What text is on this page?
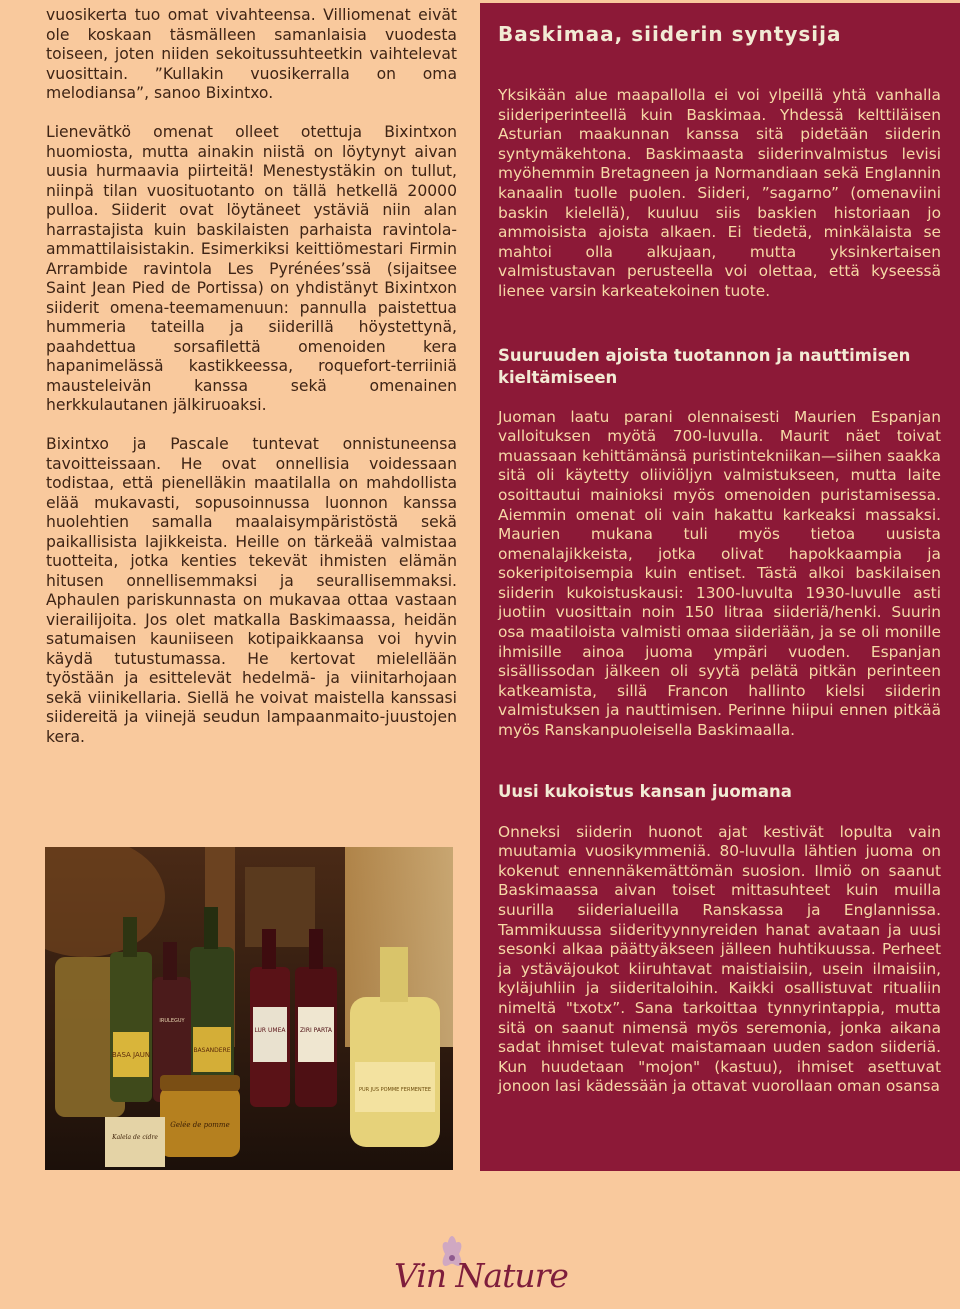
vuosikerta tuo omat vivahteensa. Villiomenat eivät ole koskaan täsmälleen samanlaisia vuodesta toiseen, joten niiden sekoitussuhteetkin vaihtelevat vuosittain. ”Kullakin vuosikerralla on oma melodiansa”, sanoo Bixintxo.

Lienevätkö omenat olleet otettuja Bixintxon huomiosta, mutta ainakin niistä on löytynyt aivan uusia hurmaavia piirteitä! Menestystäkin on tullut, niinpä tilan vuosituotanto on tällä hetkellä 20000 pulloa. Siiderit ovat löytäneet ystäviä niin alan harrastajista kuin baskilaisten parhaista ravintola-ammattilaisistakin. Esimerkiksi keittiömestari Firmin Arrambide ravintola Les Pyrénées’ssä (sijaitsee Saint Jean Pied de Portissa) on yhdistänyt Bixintxon siiderit omena-teemamenuun: pannulla paistettua hummeria tateilla ja siiderillä höystettynä, paahdettua sorsafilettä omenoiden kera hapanimelässä kastikkeessa, roquefort-terriiniä mausteleivän kanssa sekä omenainen herkkulautanen jälkiruoaksi.

Bixintxo ja Pascale tuntevat onnistuneensa tavoitteissaan. He ovat onnellisia voidessaan todistaa, että pienelläkin maatilalla on mahdollista elää mukavasti, sopusoinnussa luonnon kanssa huolehtien samalla maalaisympäristöstä sekä paikallisista lajikkeista. Heille on tärkeää valmistaa tuotteita, jotka kenties tekevät ihmisten elämän hitusen onnellisemmaksi ja seurallisemmaksi. Aphaulen pariskunnasta on mukavaa ottaa vastaan vierailijoita. Jos olet matkalla Baskimaassa, heidän satumaisen kauniiseen kotipaikkaansa voi hyvin käydä tutustumassa. He kertovat mielellään työstään ja esittelevät hedelmä- ja viinitarhojaan sekä viinikellaria. Siellä he voivat maistella kanssasi siidereitä ja viinejä seudun lampaanmaito-juustojen kera.

BASA JAUN
BASANDERE
IRULEGUY
LUR UMEA ZIRI PARTA
PUR JUS POMME FERMENTEE
Gelée de pomme
Kalela de cidre
Baskimaa, siiderin syntysija

Yksikään alue maapallolla ei voi ylpeillä yhtä vanhalla siideriperinteellä kuin Baskimaa. Yhdessä kelttiläisen Asturian maakunnan kanssa sitä pidetään siiderin syntymäkehtona. Baskimaasta siiderinvalmistus levisi myöhemmin Bretagneen ja Normandiaan sekä Englannin kanaalin tuolle puolen. Siideri, ”sagarno” (omenaviini baskin kielellä), kuuluu siis baskien historiaan jo ammoisista ajoista alkaen. Ei tiedetä, minkälaista se mahtoi olla alkujaan, mutta yksinkertaisen valmistustavan perusteella voi olettaa, että kyseessä lienee varsin karkeatekoinen tuote.

Suuruuden ajoista tuotannon ja nauttimisen kieltämiseen

Juoman laatu parani olennaisesti Maurien Espanjan valloituksen myötä 700-luvulla. Maurit näet toivat muassaan kehittämänsä puristintekniikan—siihen saakka sitä oli käytetty oliiviöljyn valmistukseen, mutta laite osoittautui mainioksi myös omenoiden puristamisessa. Aiemmin omenat oli vain hakattu karkeaksi massaksi. Maurien mukana tuli myös tietoa uusista omenalajikkeista, jotka olivat hapokkaampia ja sokeripitoisempia kuin entiset. Tästä alkoi baskilaisen siiderin kukoistuskausi: 1300-luvulta 1930-luvulle asti juotiin vuosittain noin 150 litraa siideriä/henki. Suurin osa maatiloista valmisti omaa siideriään, ja se oli monille ihmisille ainoa juoma ympäri vuoden. Espanjan sisällissodan jälkeen oli syytä pelätä pitkän perinteen katkeamista, sillä Francon hallinto kielsi siiderin valmistuksen ja nauttimisen. Perinne hiipui ennen pitkää myös Ranskanpuoleisella Baskimaalla.

Uusi kukoistus kansan juomana

Onneksi siiderin huonot ajat kestivät lopulta vain muutamia vuosikymmeniä. 80-luvulla lähtien juoma on kokenut ennennäkemättömän suosion. Ilmiö on saanut Baskimaassa aivan toiset mittasuhteet kuin muilla suurilla siiderialueilla Ranskassa ja Englannissa. Tammikuussa siiderityynnyreiden hanat avataan ja uusi sesonki alkaa päättyäkseen jälleen huhtikuussa. Perheet ja ystäväjoukot kiiruhtavat maistiaisiin, usein ilmaisiin, kyläjuhliin ja siideritaloihin. Kaikki osallistuvat ritualiin nimeltä "txotx”. Sana tarkoittaa tynnyrintappia, mutta sitä on saanut nimensä myös seremonia, jonka aikana sadat ihmiset tulevat maistamaan uuden sadon siideriä. Kun huudetaan "mojon" (kastuu), ihmiset asettuvat jonoon lasi kädessään ja ottavat vuorollaan oman osansa

Vin Nature
